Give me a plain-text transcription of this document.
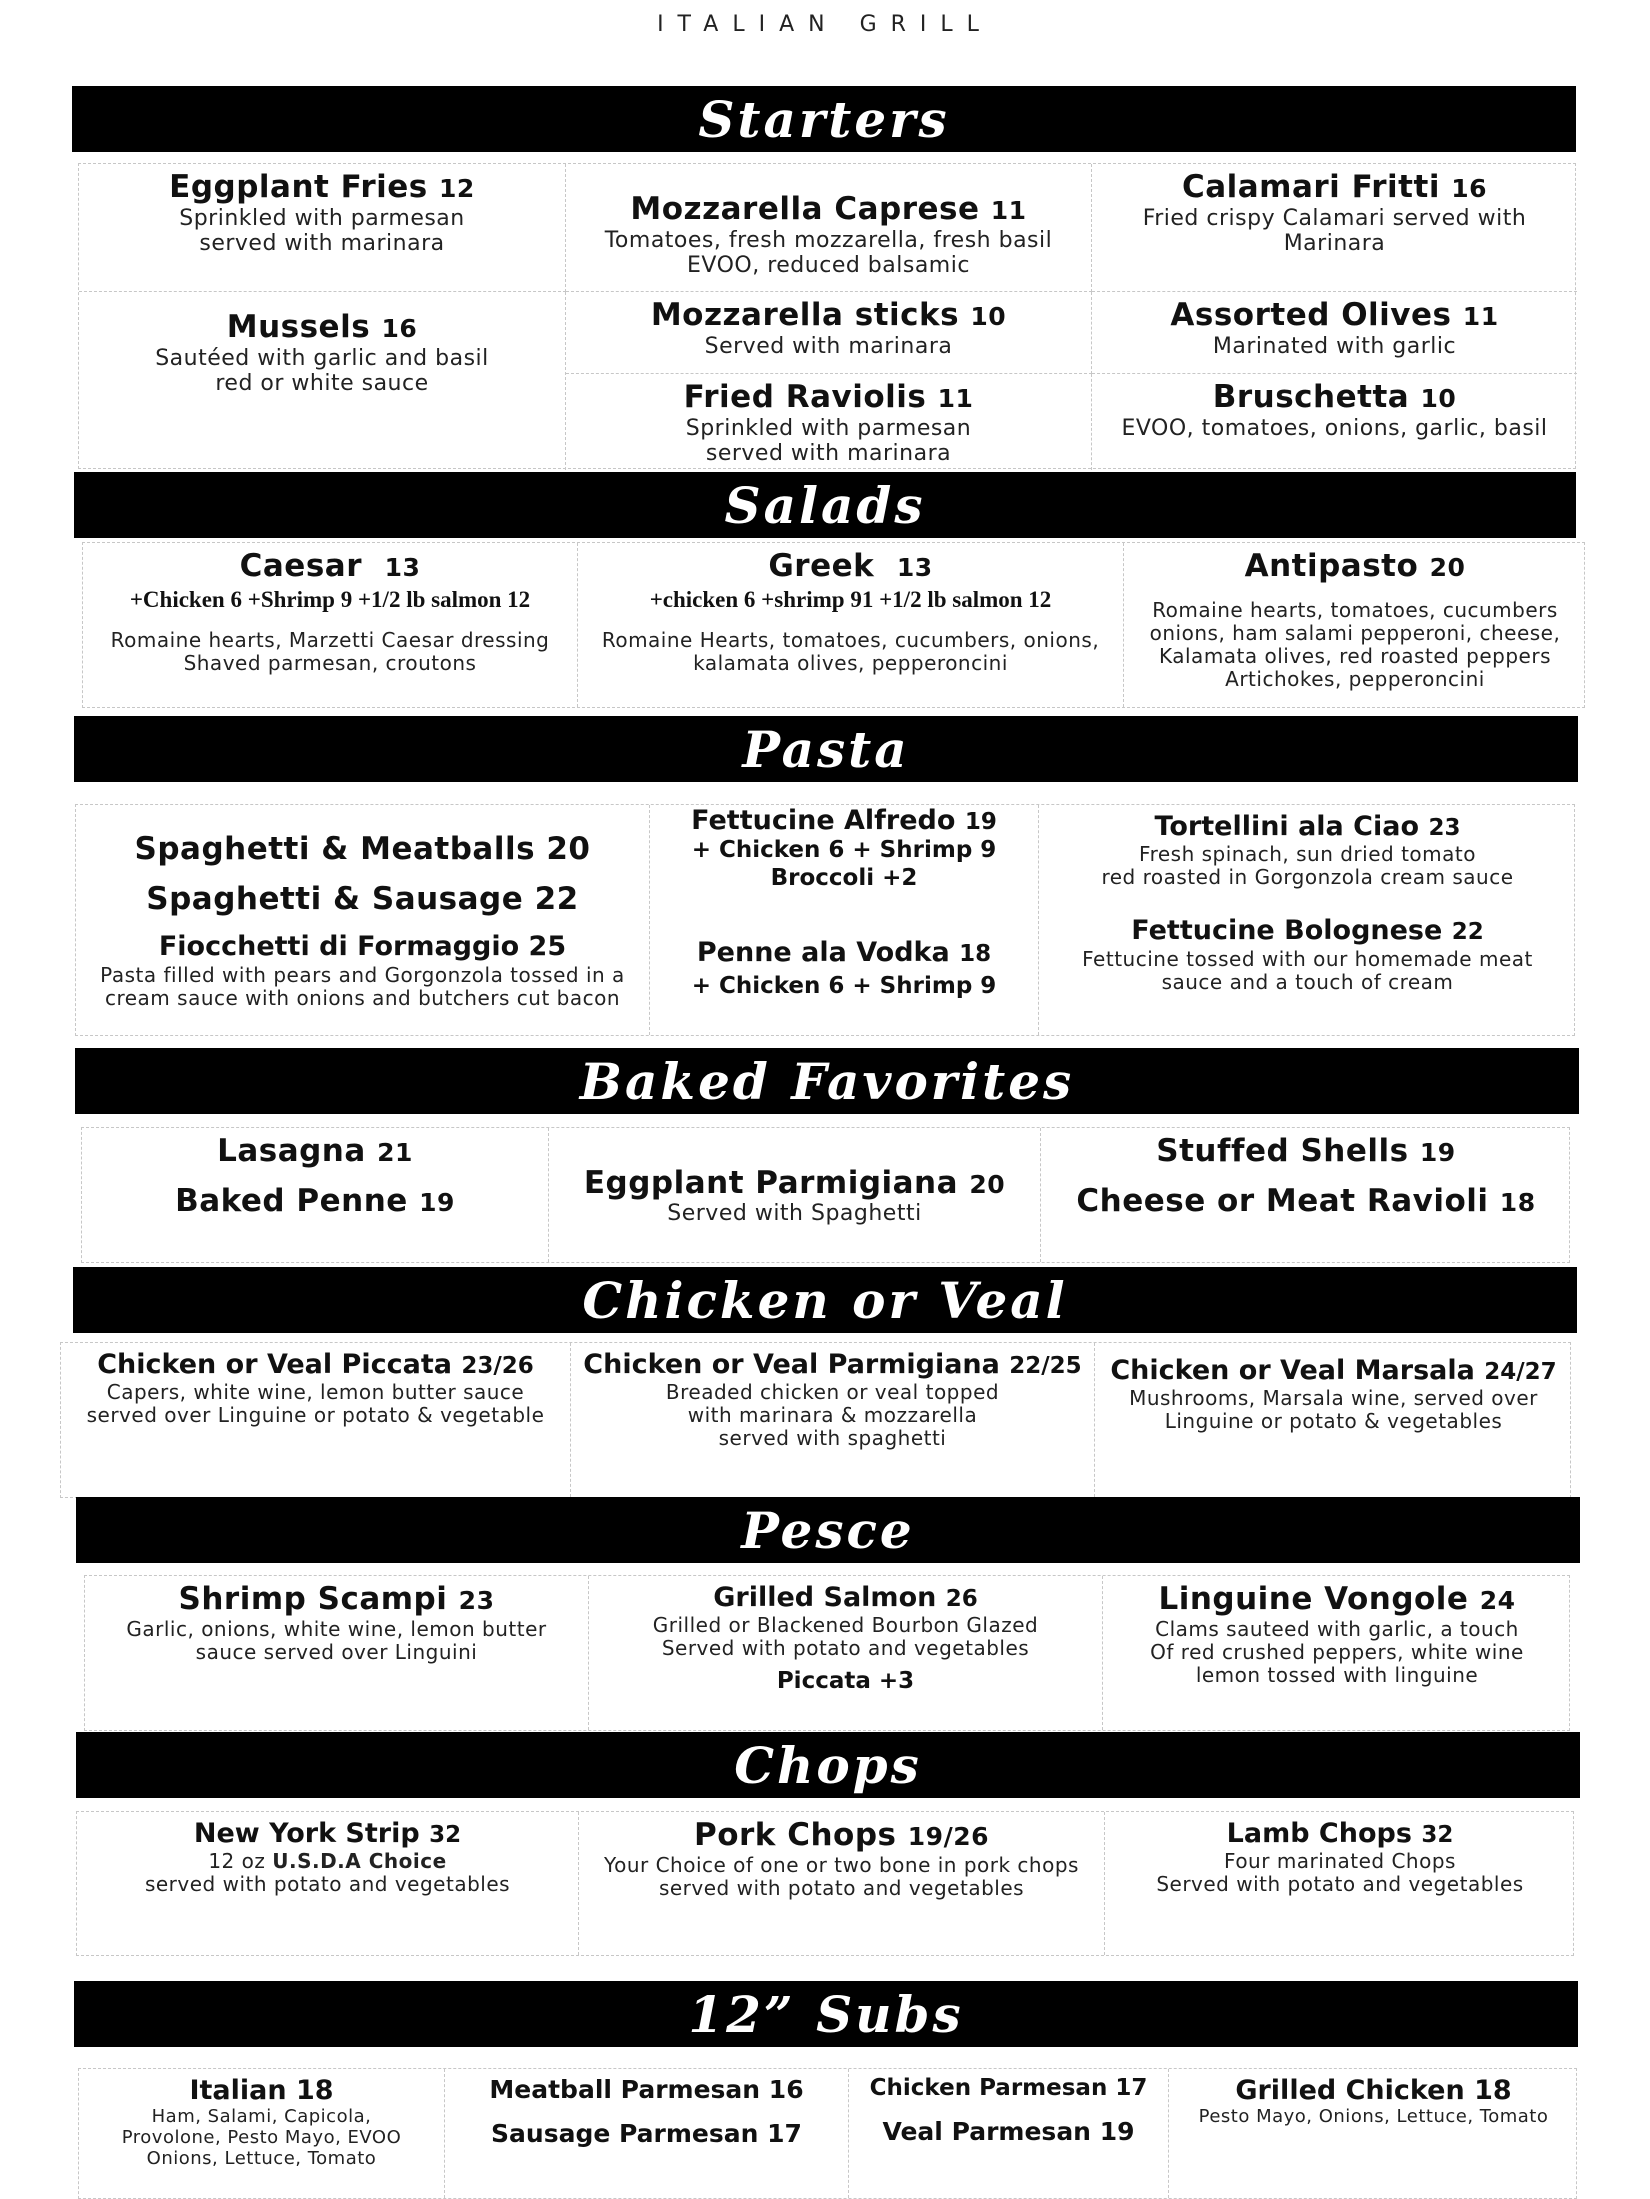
ITALIAN GRILL
Starters
Eggplant Fries 12
Sprinkled with parmesan
served with marinara
Mozzarella Caprese 11
Tomatoes, fresh mozzarella, fresh basil
EVOO, reduced balsamic
Calamari Fritti 16
Fried crispy Calamari served with
Marinara
Mozzarella sticks 10
Served with marinara
Mussels 16
Sautéed with garlic and basil
red or white sauce
Assorted Olives 11
Marinated with garlic
Fried Raviolis 11
Sprinkled with parmesan
served with marinara
Bruschetta 10
EVOO, tomatoes, onions, garlic, basil
Salads
Caesar 13
+Chicken 6 +Shrimp 9 +1/2 lb salmon 12
Romaine hearts, Marzetti Caesar dressing
Shaved parmesan, croutons
Greek 13
+chicken 6 +shrimp 91 +1/2 lb salmon 12
Romaine Hearts, tomatoes, cucumbers, onions,
kalamata olives, pepperoncini
Antipasto 20
Romaine hearts, tomatoes, cucumbers
onions, ham salami pepperoni, cheese,
Kalamata olives, red roasted peppers
Artichokes, pepperoncini
Pasta
Spaghetti & Meatballs 20
Spaghetti & Sausage 22
Fiocchetti di Formaggio 25
Pasta filled with pears and Gorgonzola tossed in a
cream sauce with onions and butchers cut bacon
Fettucine Alfredo 19
+ Chicken 6 + Shrimp 9
Broccoli +2
Penne ala Vodka 18
+ Chicken 6 + Shrimp 9
Tortellini ala Ciao 23
Fresh spinach, sun dried tomato
red roasted in Gorgonzola cream sauce
Fettucine Bolognese 22
Fettucine tossed with our homemade meat
sauce and a touch of cream
Baked Favorites
Lasagna 21
Baked Penne 19
Eggplant Parmigiana 20
Served with Spaghetti
Stuffed Shells 19
Cheese or Meat Ravioli 18
Chicken or Veal
Chicken or Veal Piccata 23/26
Capers, white wine, lemon butter sauce
served over Linguine or potato & vegetable
Chicken or Veal Parmigiana 22/25
Breaded chicken or veal topped
with marinara & mozzarella
served with spaghetti
Chicken or Veal Marsala 24/27
Mushrooms, Marsala wine, served over
Linguine or potato & vegetables
Pesce
Shrimp Scampi 23
Garlic, onions, white wine, lemon butter
sauce served over Linguini
Grilled Salmon 26
Grilled or Blackened Bourbon Glazed
Served with potato and vegetables
Piccata +3
Linguine Vongole 24
Clams sauteed with garlic, a touch
Of red crushed peppers, white wine
lemon tossed with linguine
Chops
New York Strip 32
12 oz U.S.D.A Choice
served with potato and vegetables
Pork Chops 19/26
Your Choice of one or two bone in pork chops
served with potato and vegetables
Lamb Chops 32
Four marinated Chops
Served with potato and vegetables
12” Subs
Italian 18
Ham, Salami, Capicola,
Provolone, Pesto Mayo, EVOO
Onions, Lettuce, Tomato
Meatball Parmesan 16
Sausage Parmesan 17
Chicken Parmesan 17
Veal Parmesan 19
Grilled Chicken 18
Pesto Mayo, Onions, Lettuce, Tomato
